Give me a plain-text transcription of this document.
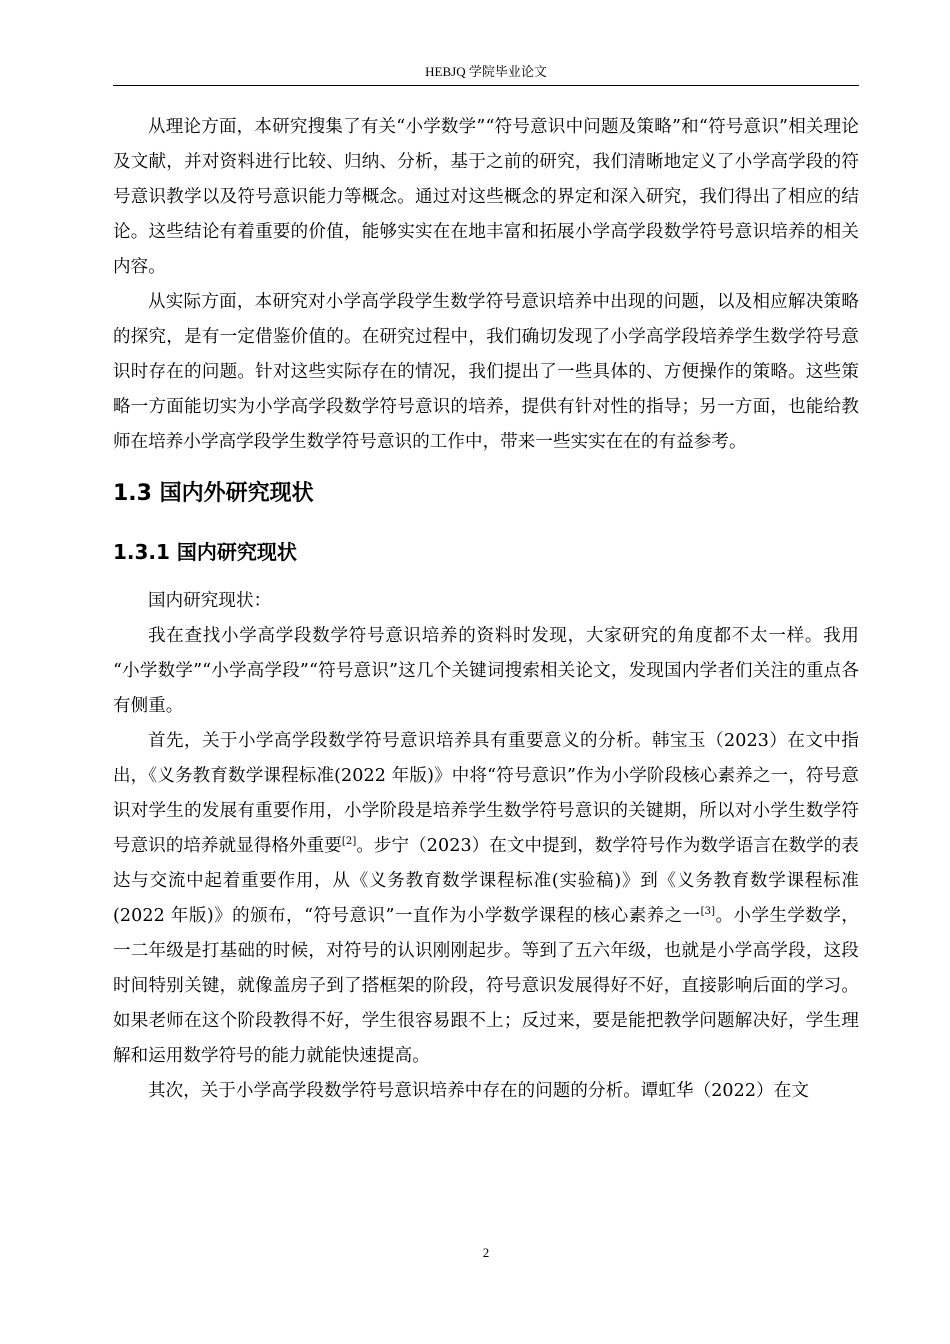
HEBJQ 学院毕业论文

从理论方面，本研究搜集了有关“小学数学”“符号意识中问题及策略”和“符号意识”相关理论及文献，并对资料进行比较、归纳、分析，基于之前的研究，我们清晰地定义了小学高学段的符号意识教学以及符号意识能力等概念。通过对这些概念的界定和深入研究，我们得出了相应的结论。这些结论有着重要的价值，能够实实在在地丰富和拓展小学高学段数学符号意识培养的相关内容。

从实际方面，本研究对小学高学段学生数学符号意识培养中出现的问题，以及相应解决策略的探究，是有一定借鉴价值的。在研究过程中，我们确切发现了小学高学段培养学生数学符号意识时存在的问题。针对这些实际存在的情况，我们提出了一些具体的、方便操作的策略。这些策略一方面能切实为小学高学段数学符号意识的培养，提供有针对性的指导；另一方面，也能给教师在培养小学高学段学生数学符号意识的工作中，带来一些实实在在的有益参考。

1.3 国内外研究现状
1.3.1 国内研究现状

国内研究现状：

我在查找小学高学段数学符号意识培养的资料时发现，大家研究的角度都不太一样。我用 “小学数学”“小学高学段”“符号意识”这几个关键词搜索相关论文，发现国内学者们关注的重点各有侧重。

首先，关于小学高学段数学符号意识培养具有重要意义的分析。韩宝玉（2023）在文中指出，《义务教育数学课程标准(2022 年版)》中将“符号意识”作为小学阶段核心素养之一，符号意识对学生的发展有重要作用，小学阶段是培养学生数学符号意识的关键期，所以对小学生数学符号意识的培养就显得格外重要[2]。步宁（2023）在文中提到，数学符号作为数学语言在数学的表达与交流中起着重要作用，从《义务教育数学课程标准(实验稿)》到《义务教育数学课程标准(2022 年版)》的颁布，“符号意识”一直作为小学数学课程的核心素养之一[3]。小学生学数学，一二年级是打基础的时候，对符号的认识刚刚起步。等到了五六年级，也就是小学高学段，这段时间特别关键，就像盖房子到了搭框架的阶段，符号意识发展得好不好，直接影响后面的学习。如果老师在这个阶段教得不好，学生很容易跟不上；反过来，要是能把教学问题解决好，学生理解和运用数学符号的能力就能快速提高。

其次，关于小学高学段数学符号意识培养中存在的问题的分析。谭虹华（2022）在文

2
